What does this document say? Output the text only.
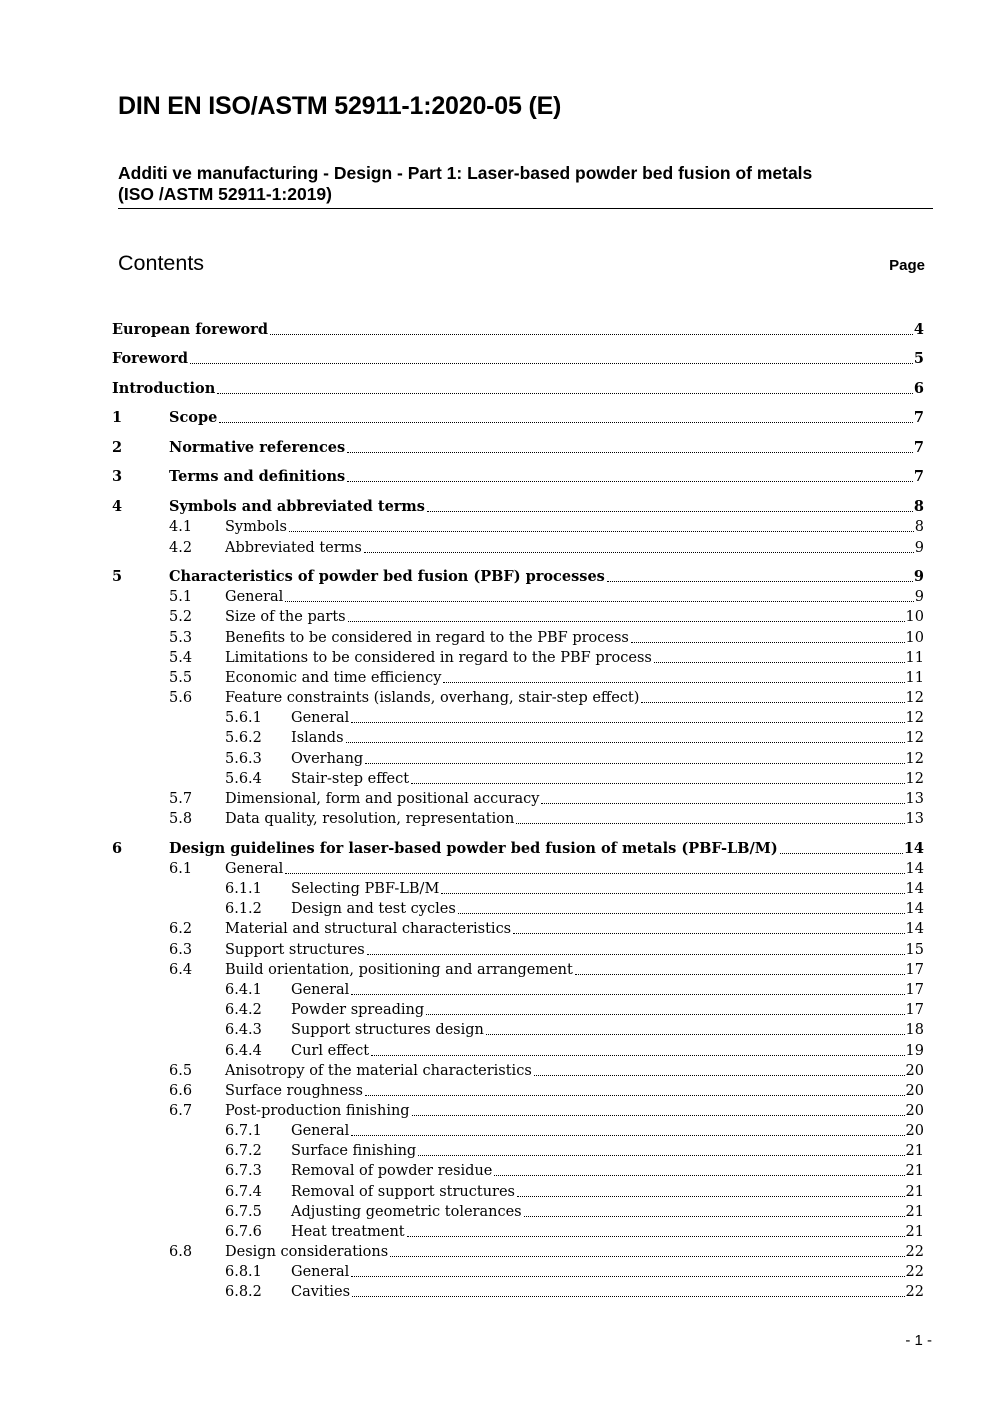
DIN EN ISO/ASTM 52911-1:2020-05 (E)
Additi ve manufacturing - Design - Part 1: Laser-based powder bed fusion of metals
(ISO /ASTM 52911-1:2019)
Contents	Page
European foreword	4
Foreword	5
Introduction	6
1	Scope	7
2	Normative references	7
3	Terms and definitions	7
4	Symbols and abbreviated terms	8
4.1 Symbols	8
4.2 Abbreviated terms	9
5	Characteristics of powder bed fusion (PBF) processes	9
5.1 General	9
5.2 Size of the parts	10
5.3 Benefits to be considered in regard to the PBF process	10
5.4 Limitations to be considered in regard to the PBF process	11
5.5 Economic and time efficiency	11
5.6 Feature constraints (islands, overhang, stair-step effect)	12
5.6.1 General	12
5.6.2 Islands	12
5.6.3 Overhang	12
5.6.4 Stair-step effect	12
5.7 Dimensional, form and positional accuracy	13
5.8 Data quality, resolution, representation	13
6	Design guidelines for laser-based powder bed fusion of metals (PBF-LB/M)	14
6.1 General	14
6.1.1 Selecting PBF-LB/M	14
6.1.2 Design and test cycles	14
6.2 Material and structural characteristics	14
6.3 Support structures	15
6.4 Build orientation, positioning and arrangement	17
6.4.1 General	17
6.4.2 Powder spreading	17
6.4.3 Support structures design	18
6.4.4 Curl effect	19
6.5 Anisotropy of the material characteristics	20
6.6 Surface roughness	20
6.7 Post-production finishing	20
6.7.1 General	20
6.7.2 Surface finishing	21
6.7.3 Removal of powder residue	21
6.7.4 Removal of support structures	21
6.7.5 Adjusting geometric tolerances	21
6.7.6 Heat treatment	21
6.8 Design considerations	22
6.8.1 General	22
6.8.2 Cavities	22
- 1 -
